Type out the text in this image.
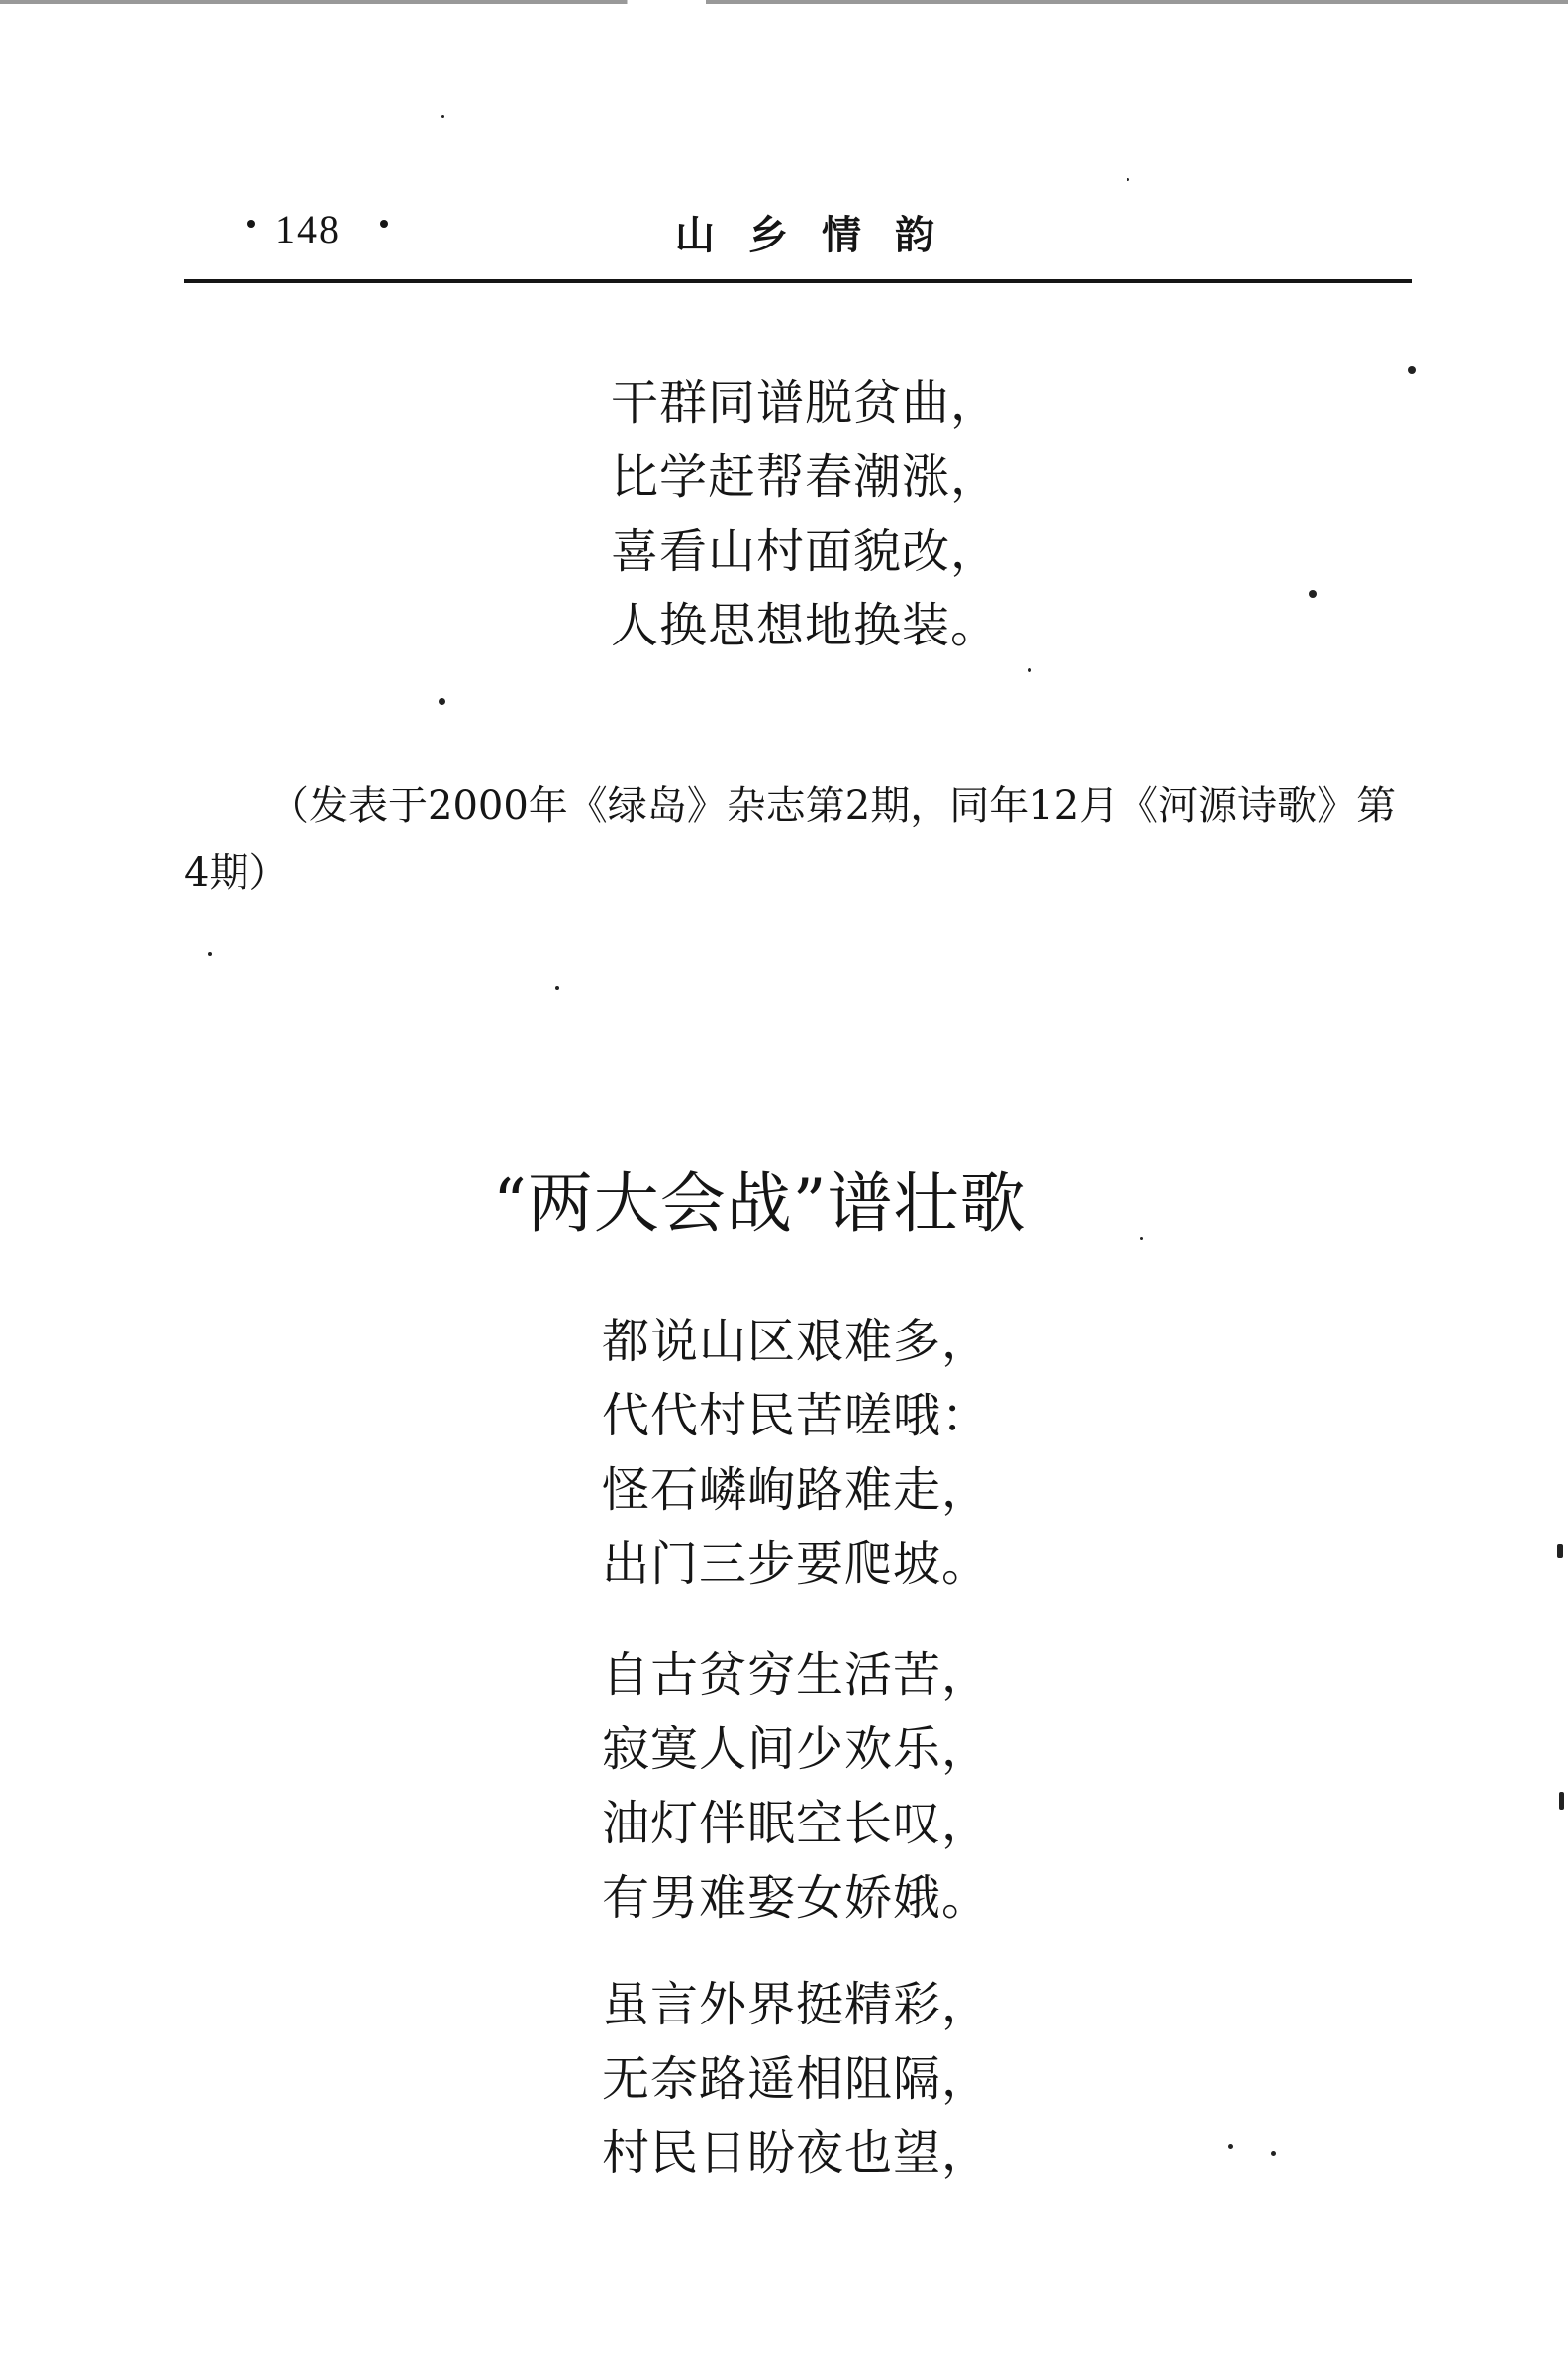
148	山乡情韵
干群同谱脱贫曲，
比学赶帮春潮涨，
喜看山村面貌改，
人换思想地换装。
（发表于2000年《绿岛》杂志第2期，同年12月《河源诗歌》第
4期）
“两大会战”谱壮歌
都说山区艰难多，
代代村民苦嗟哦：
怪石嶙峋路难走，
出门三步要爬坡。
自古贫穷生活苦，
寂寞人间少欢乐，
油灯伴眠空长叹，
有男难娶女娇娥。
虽言外界挺精彩，
无奈路遥相阻隔，
村民日盼夜也望，
